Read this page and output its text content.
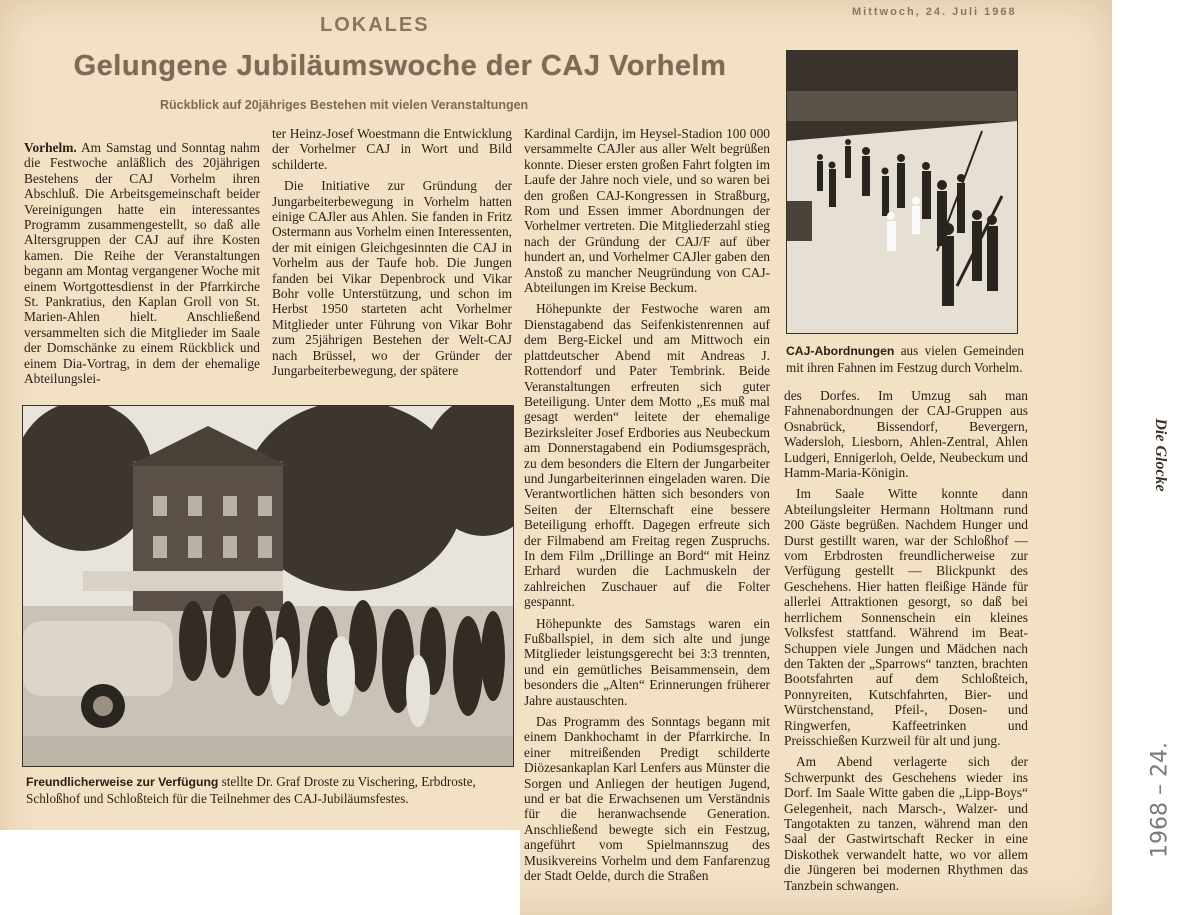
LOKALES
Mittwoch, 24. Juli 1968
Gelungene Jubiläumswoche der CAJ Vorhelm
Rückblick auf 20jähriges Bestehen mit vielen Veranstaltungen

Vorhelm. Am Samstag und Sonntag nahm die Festwoche anläßlich des 20jährigen Bestehens der CAJ Vorhelm ihren Abschluß. Die Arbeitsgemeinschaft beider Vereinigungen hatte ein interessantes Programm zusammengestellt, so daß alle Altersgruppen der CAJ auf ihre Kosten kamen. Die Reihe der Veranstaltungen begann am Montag vergangener Woche mit einem Wortgottesdienst in der Pfarrkirche St. Pankratius, den Kaplan Groll von St. Marien-Ahlen hielt. Anschließend versammelten sich die Mitglieder im Saale der Domschänke zu einem Rückblick und einem Dia-Vortrag, in dem der ehemalige Abteilungslei-

ter Heinz-Josef Woestmann die Entwicklung der Vorhelmer CAJ in Wort und Bild schilderte.

Die Initiative zur Gründung der Jungarbeiterbewegung in Vorhelm hatten einige CAJler aus Ahlen. Sie fanden in Fritz Ostermann aus Vorhelm einen Interessenten, der mit einigen Gleichgesinnten die CAJ in Vorhelm aus der Taufe hob. Die Jungen fanden bei Vikar Depenbrock und Vikar Bohr volle Unterstützung, und schon im Herbst 1950 starteten acht Vorhelmer Mitglieder unter Führung von Vikar Bohr zum 25jährigen Bestehen der Welt-CAJ nach Brüssel, wo der Gründer der Jungarbeiterbewegung, der spätere

Kardinal Cardijn, im Heysel-Stadion 100 000 versammelte CAJler aus aller Welt begrüßen konnte. Dieser ersten großen Fahrt folgten im Laufe der Jahre noch viele, und so waren bei den großen CAJ-Kongressen in Straßburg, Rom und Essen immer Abordnungen der Vorhelmer vertreten. Die Mitgliederzahl stieg nach der Gründung der CAJ/F auf über hundert an, und Vorhelmer CAJler gaben den Anstoß zu mancher Neugründung von CAJ-Abteilungen im Kreise Beckum.

Höhepunkte der Festwoche waren am Dienstagabend das Seifenkistenrennen auf dem Berg-Eickel und am Mittwoch ein plattdeutscher Abend mit Andreas J. Rottendorf und Pater Tembrink. Beide Veranstaltungen erfreuten sich guter Beteiligung. Unter dem Motto „Es muß mal gesagt werden“ leitete der ehemalige Bezirksleiter Josef Erdbories aus Neubeckum am Donnerstagabend ein Podiumsgespräch, zu dem besonders die Eltern der Jungarbeiter und Jungarbeiterinnen eingeladen waren. Die Verantwortlichen hätten sich besonders von Seiten der Elternschaft eine bessere Beteiligung erhofft. Dagegen erfreute sich der Filmabend am Freitag regen Zuspruchs. In dem Film „Drillinge an Bord“ mit Heinz Erhard wurden die Lachmuskeln der zahlreichen Zuschauer auf die Folter gespannt.

Höhepunkte des Samstags waren ein Fußballspiel, in dem sich alte und junge Mitglieder leistungsgerecht bei 3:3 trennten, und ein gemütliches Beisammensein, dem besonders die „Alten“ Erinnerungen früherer Jahre austauschten.

Das Programm des Sonntags begann mit einem Dankhochamt in der Pfarrkirche. In einer mitreißenden Predigt schilderte Diözesankaplan Karl Lenfers aus Münster die Sorgen und Anliegen der heutigen Jugend, und er bat die Erwachsenen um Verständnis für die heranwachsende Generation. Anschließend bewegte sich ein Festzug, angeführt vom Spielmannszug des Musikvereins Vorhelm und dem Fanfarenzug der Stadt Oelde, durch die Straßen

CAJ-Abordnungen aus vielen Gemeinden mit ihren Fahnen im Festzug durch Vorhelm.

des Dorfes. Im Umzug sah man Fahnenabordnungen der CAJ-Gruppen aus Osnabrück, Bissendorf, Bevergern, Wadersloh, Liesborn, Ahlen-Zentral, Ahlen Ludgeri, Ennigerloh, Oelde, Neubeckum und Hamm-Maria-Königin.

Im Saale Witte konnte dann Abteilungsleiter Hermann Holtmann rund 200 Gäste begrüßen. Nachdem Hunger und Durst gestillt waren, war der Schloßhof — vom Erbdrosten freundlicherweise zur Verfügung gestellt — Blickpunkt des Geschehens. Hier hatten fleißige Hände für allerlei Attraktionen gesorgt, so daß bei herrlichem Sonnenschein ein kleines Volksfest stattfand. Während im Beat-Schuppen viele Jungen und Mädchen nach den Takten der „Sparrows“ tanzten, brachten Bootsfahrten auf dem Schloßteich, Ponnyreiten, Kutschfahrten, Bier- und Würstchenstand, Pfeil-, Dosen- und Ringwerfen, Kaffeetrinken und Preisschießen Kurzweil für alt und jung.

Am Abend verlagerte sich der Schwerpunkt des Geschehens wieder ins Dorf. Im Saale Witte gaben die „Lipp-Boys“ Gelegenheit, nach Marsch-, Walzer- und Tangotakten zu tanzen, während man den Saal der Gastwirtschaft Recker in eine Diskothek verwandelt hatte, wo vor allem die Jüngeren bei modernen Rhythmen das Tanzbein schwangen.

Freundlicherweise zur Verfügung stellte Dr. Graf Droste zu Vischering, Erbdroste, Schloßhof und Schloßteich für die Teilnehmer des CAJ-Jubiläumsfestes.
Die Glocke
1968 – 24.
